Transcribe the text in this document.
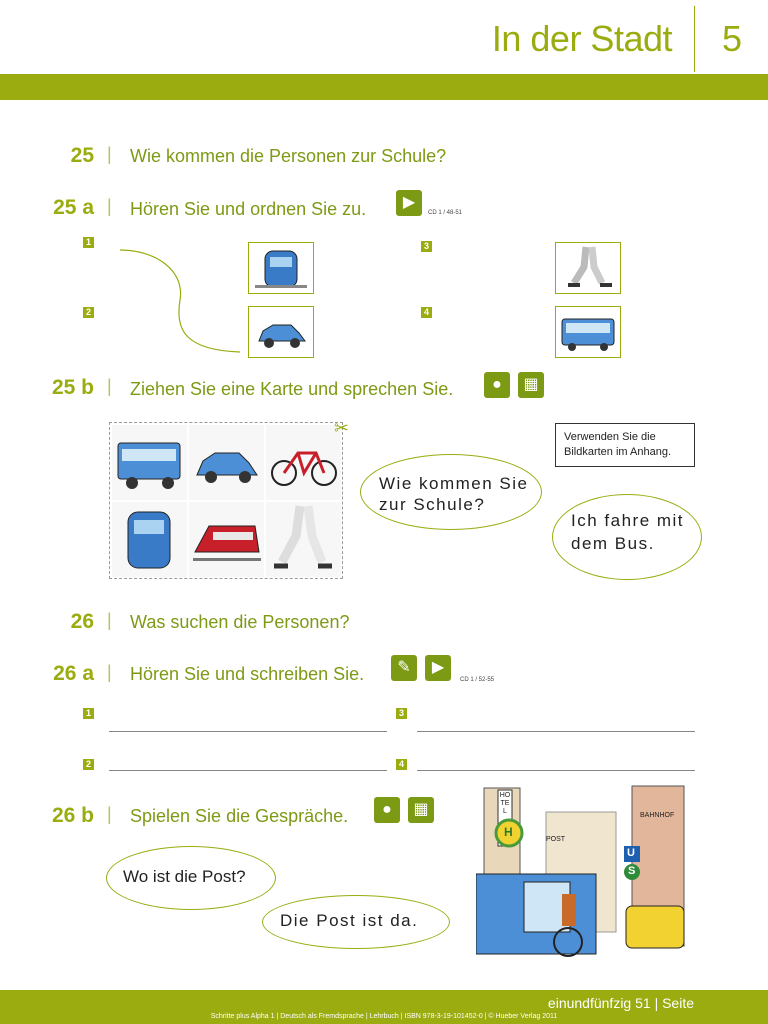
In der Stadt 5
25 | Wie kommen die Personen zur Schule?
25 a | Hören Sie und ordnen Sie zu.	▶
CD 1 / 48-51
1
2
3
4
25 b | Ziehen Sie eine Karte und sprechen Sie.	●	▦
✂	Verwenden Sie die Bildkarten im Anhang.
Wie kommen Sie zur Schule?
Ich fahre mit dem Bus.
26 | Was suchen die Personen?
26 a | Hören Sie und schreiben Sie.	✎	▶
CD 1 / 52-55
1	3
2	4
26 b | Spielen Sie die Gespräche.	●	▦
Wo ist die Post?
Die Post ist da.
HOTEL
H
POST
BAHNHOF
U
S
einundfünfzig 51 | Seite
Schritte plus Alpha 1 | Deutsch als Fremdsprache | Lehrbuch | ISBN 978-3-19-101452-0 | © Hueber Verlag 2011
